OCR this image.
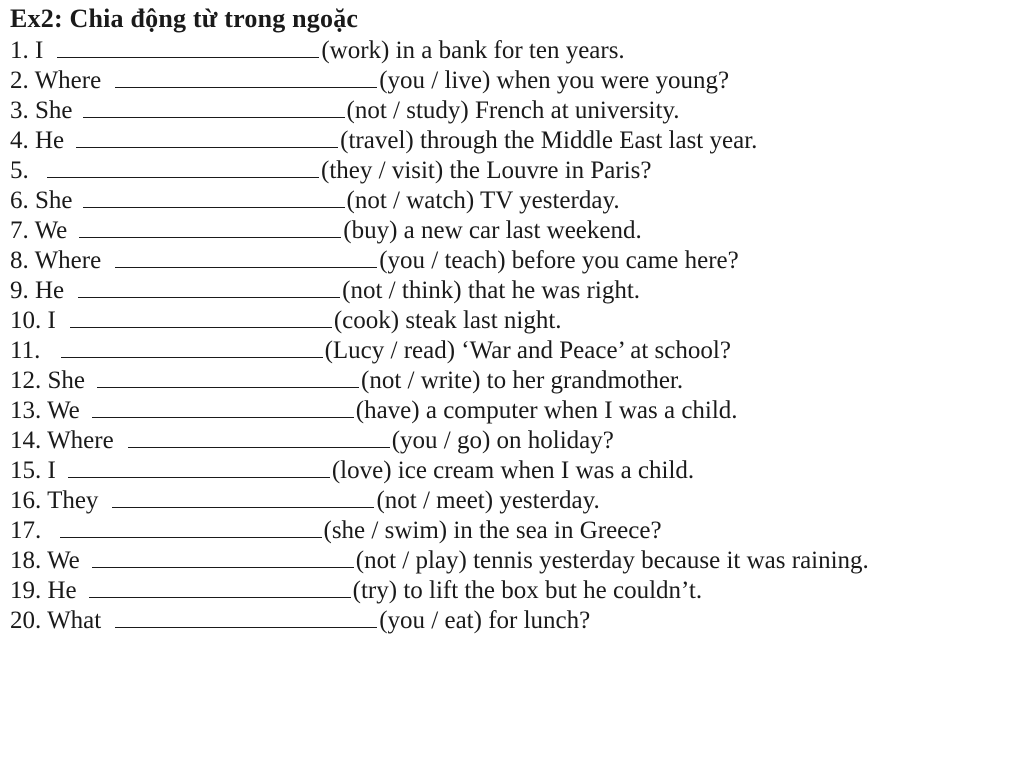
Ex2: Chia động từ trong ngoặc
1. I	(work) in a bank for ten years.
2. Where	(you / live) when you were young?
3. She	(not / study) French at university.
4. He	(travel) through the Middle East last year.
5.	(they / visit) the Louvre in Paris?
6. She	(not / watch) TV yesterday.
7. We	(buy) a new car last weekend.
8. Where	(you / teach) before you came here?
9. He	(not / think) that he was right.
10. I	(cook) steak last night.
11.	(Lucy / read) ‘War and Peace’ at school?
12. She	(not / write) to her grandmother.
13. We	(have) a computer when I was a child.
14. Where	(you / go) on holiday?
15. I	(love) ice cream when I was a child.
16. They	(not / meet) yesterday.
17.	(she / swim) in the sea in Greece?
18. We	(not / play) tennis yesterday because it was raining.
19. He	(try) to lift the box but he couldn’t.
20. What	(you / eat) for lunch?
